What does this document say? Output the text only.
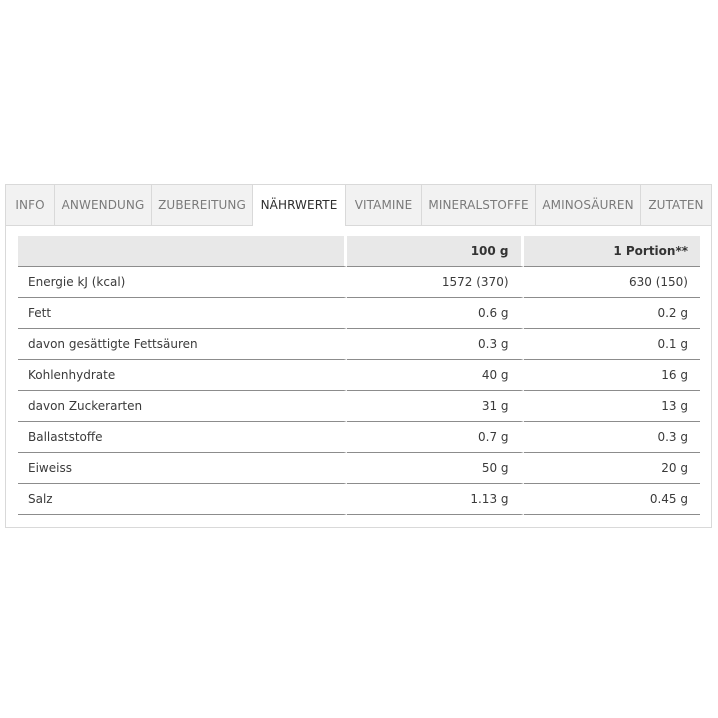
INFO	ANWENDUNG	ZUBEREITUNG	NÄHRWERTE	VITAMINE	MINERALSTOFFE	AMINOSÄUREN	ZUTATEN
	100 g	1 Portion**
Energie kJ (kcal)	1572 (370)	630 (150)
Fett	0.6 g	0.2 g
davon gesättigte Fettsäuren	0.3 g	0.1 g
Kohlenhydrate	40 g	16 g
davon Zuckerarten	31 g	13 g
Ballaststoffe	0.7 g	0.3 g
Eiweiss	50 g	20 g
Salz	1.13 g	0.45 g
